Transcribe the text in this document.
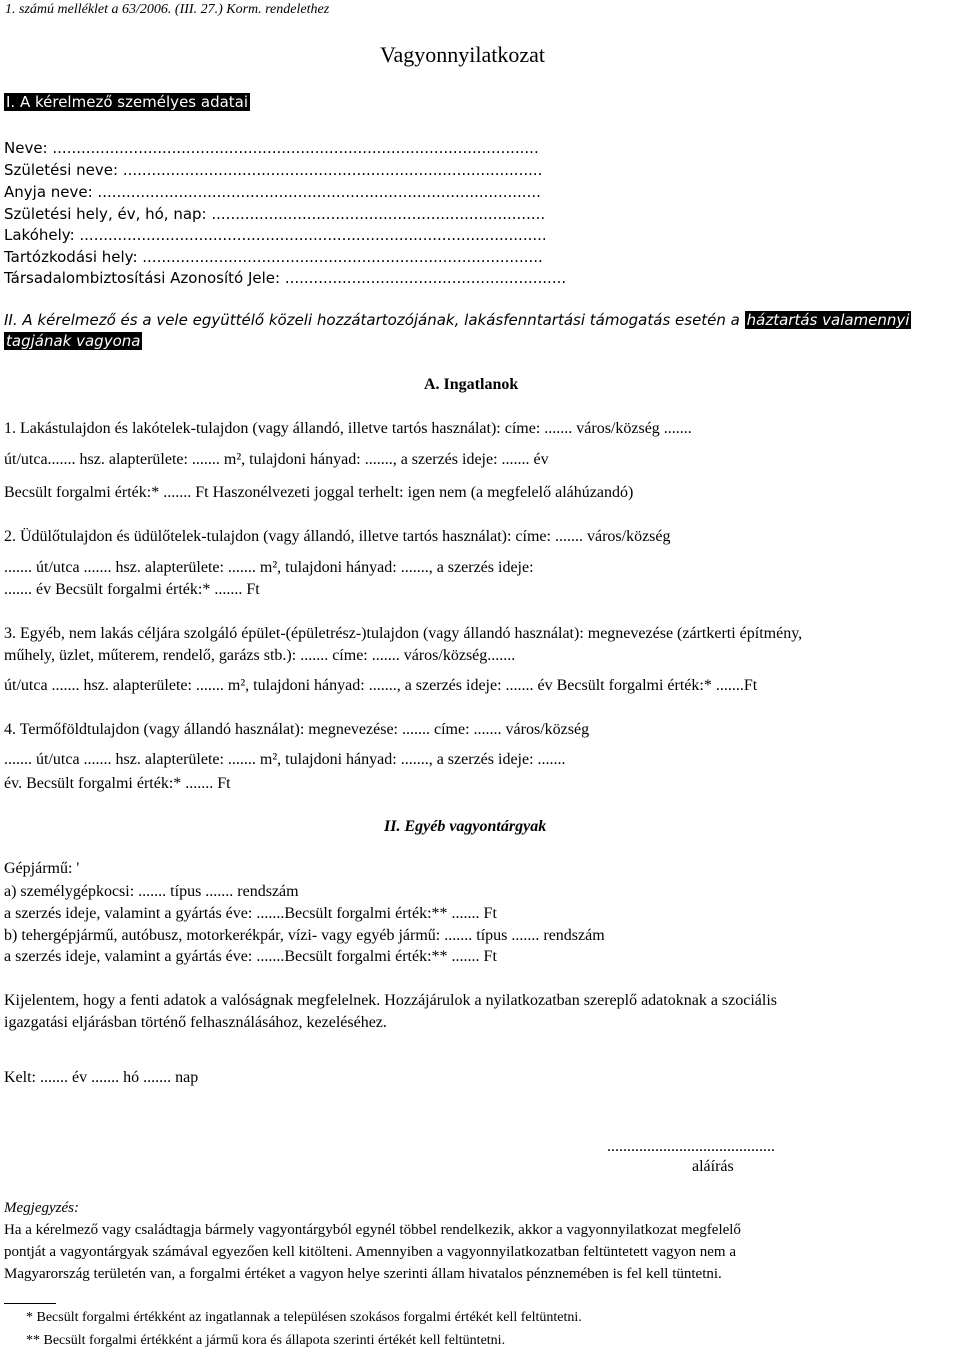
1. számú melléklet a 63/2006. (III. 27.) Korm. rendelethez
Vagyonnyilatkozat
I. A kérelmező személyes adatai
Neve: ......................................................................................................
Születési neve: ........................................................................................
Anyja neve: .............................................................................................
Születési hely, év, hó, nap: ......................................................................
Lakóhely: ..................................................................................................
Tartózkodási hely: ....................................................................................
Társadalombiztosítási Azonosító Jele: ...........................................................
II. A kérelmező és a vele együttélő közeli hozzátartozójának, lakásfenntartási támogatás esetén a háztartás valamennyi
tagjának vagyona
A. Ingatlanok
1. Lakástulajdon és lakótelek-tulajdon (vagy állandó, illetve tartós használat): címe: ....... város/község .......
út/utca....... hsz. alapterülete: ....... m², tulajdoni hányad: ......., a szerzés ideje: ....... év
Becsült forgalmi érték:* ....... Ft Haszonélvezeti joggal terhelt: igen nem (a megfelelő aláhúzandó)
2. Üdülőtulajdon és üdülőtelek-tulajdon (vagy állandó, illetve tartós használat): címe: ....... város/község
....... út/utca ....... hsz. alapterülete: ....... m², tulajdoni hányad: ......., a szerzés ideje:
....... év Becsült forgalmi érték:* ....... Ft
3. Egyéb, nem lakás céljára szolgáló épület-(épületrész-)tulajdon (vagy állandó használat): megnevezése (zártkerti építmény,
műhely, üzlet, műterem, rendelő, garázs stb.): ....... címe: ....... város/község.......
út/utca ....... hsz. alapterülete: ....... m², tulajdoni hányad: ......., a szerzés ideje: ....... év Becsült forgalmi érték:* .......Ft
4. Termőföldtulajdon (vagy állandó használat): megnevezése: ....... címe: ....... város/község
....... út/utca ....... hsz. alapterülete: ....... m², tulajdoni hányad: ......., a szerzés ideje: .......
év. Becsült forgalmi érték:* ....... Ft
II. Egyéb vagyontárgyak
Gépjármű: '
a) személygépkocsi: ....... típus ....... rendszám
a szerzés ideje, valamint a gyártás éve: .......Becsült forgalmi érték:** ....... Ft
b) tehergépjármű, autóbusz, motorkerékpár, vízi- vagy egyéb jármű: ....... típus ....... rendszám
a szerzés ideje, valamint a gyártás éve: .......Becsült forgalmi érték:** ....... Ft
Kijelentem, hogy a fenti adatok a valóságnak megfelelnek. Hozzájárulok a nyilatkozatban szereplő adatoknak a szociális
igazgatási eljárásban történő felhasználásához, kezeléséhez.
Kelt: ....... év ....... hó ....... nap
..........................................
aláírás
Megjegyzés:
Ha a kérelmező vagy családtagja bármely vagyontárgyból egynél többel rendelkezik, akkor a vagyonnyilatkozat megfelelő
pontját a vagyontárgyak számával egyezően kell kitölteni. Amennyiben a vagyonnyilatkozatban feltüntetett vagyon nem a
Magyarország területén van, a forgalmi értéket a vagyon helye szerinti állam hivatalos pénznemében is fel kell tüntetni.
* Becsült forgalmi értékként az ingatlannak a településen szokásos forgalmi értékét kell feltüntetni.
** Becsült forgalmi értékként a jármű kora és állapota szerinti értékét kell feltüntetni.
